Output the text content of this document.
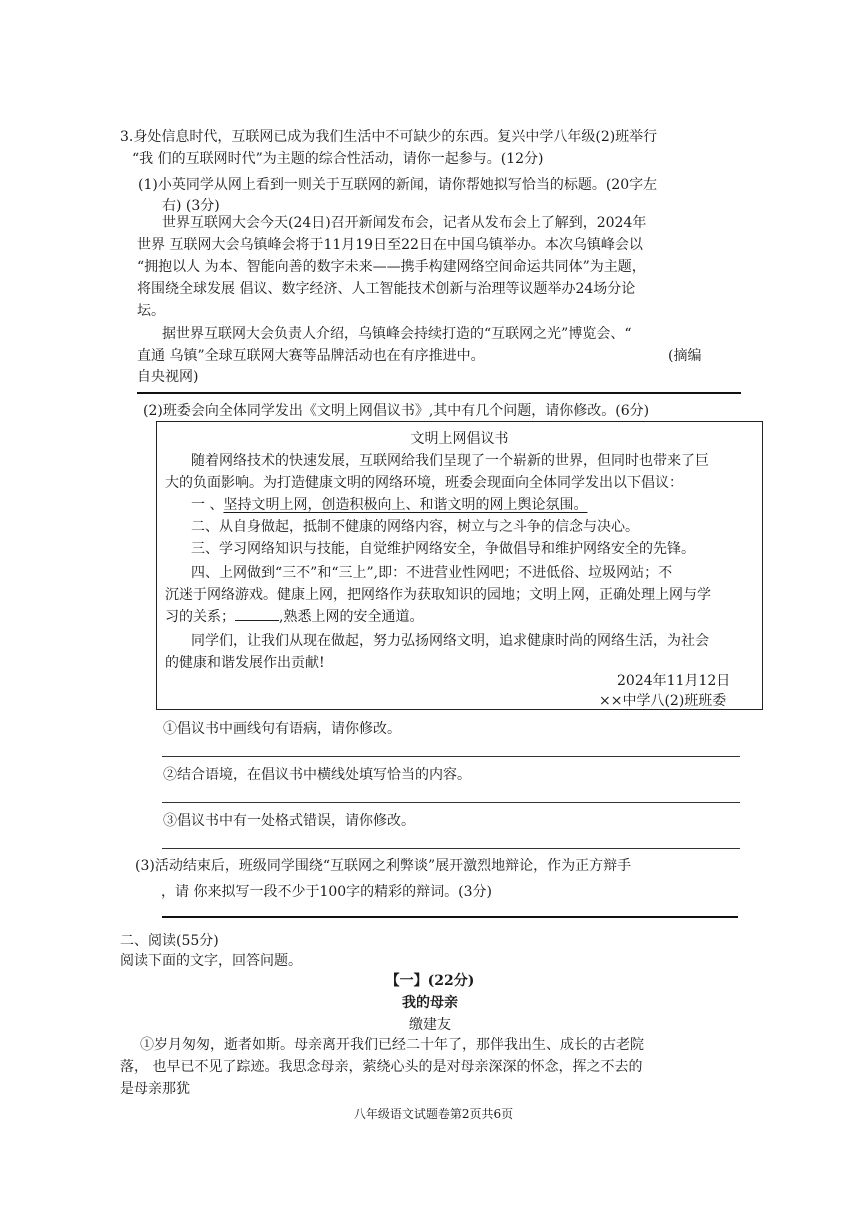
3.身处信息时代，互联网已成为我们生活中不可缺少的东西。复兴中学八年级(2)班举行
“我 们的互联网时代”为主题的综合性活动，请你一起参与。(12分)
(1)小英同学从网上看到一则关于互联网的新闻，请你帮她拟写恰当的标题。(20字左
右) (3分)
世界互联网大会今天(24日)召开新闻发布会，记者从发布会上了解到，2024年
世界 互联网大会乌镇峰会将于11月19日至22日在中国乌镇举办。本次乌镇峰会以
“拥抱以人 为本、智能向善的数字未来——携手构建网络空间命运共同体”为主题，
将围绕全球发展 倡议、数字经济、人工智能技术创新与治理等议题举办24场分论
坛。
据世界互联网大会负责人介绍，乌镇峰会持续打造的“互联网之光”博览会、“
直通 乌镇”全球互联网大赛等品牌活动也在有序推进中。	(摘编
自央视网)
(2)班委会向全体同学发出《文明上网倡议书》,其中有几个问题，请你修改。(6分)
文明上网倡议书
随着网络技术的快速发展，互联网给我们呈现了一个崭新的世界，但同时也带来了巨
大的负面影响。为打造健康文明的网络环境，班委会现面向全体同学发出以下倡议：
一 、坚持文明上网，创造积极向上、和谐文明的网上舆论氛围。
二、从自身做起，抵制不健康的网络内容，树立与之斗争的信念与决心。
三、学习网络知识与技能，自觉维护网络安全，争做倡导和维护网络安全的先锋。
四、上网做到“三不”和“三上”,即：不进营业性网吧；不进低俗、垃圾网站；不
沉迷于网络游戏。健康上网，把网络作为获取知识的园地；文明上网，正确处理上网与学
习的关系；	,熟悉上网的安全通道。
同学们，让我们从现在做起，努力弘扬网络文明，追求健康时尚的网络生活，为社会
的健康和谐发展作出贡献!
2024年11月12日
××中学八(2)班班委
①倡议书中画线句有语病，请你修改。
②结合语境，在倡议书中横线处填写恰当的内容。
③倡议书中有一处格式错误，请你修改。
(3)活动结束后，班级同学围绕“互联网之利弊谈”展开激烈地辩论，作为正方辩手
，请 你来拟写一段不少于100字的精彩的辩词。(3分)
二、阅读(55分)
阅读下面的文字，回答问题。
【一】(22分)
我的母亲
缴建友
①岁月匆匆，逝者如斯。母亲离开我们已经二十年了，那伴我出生、成长的古老院
落， 也早已不见了踪迹。我思念母亲，萦绕心头的是对母亲深深的怀念，挥之不去的
是母亲那犹
八年级语文试题卷第2页共6页
